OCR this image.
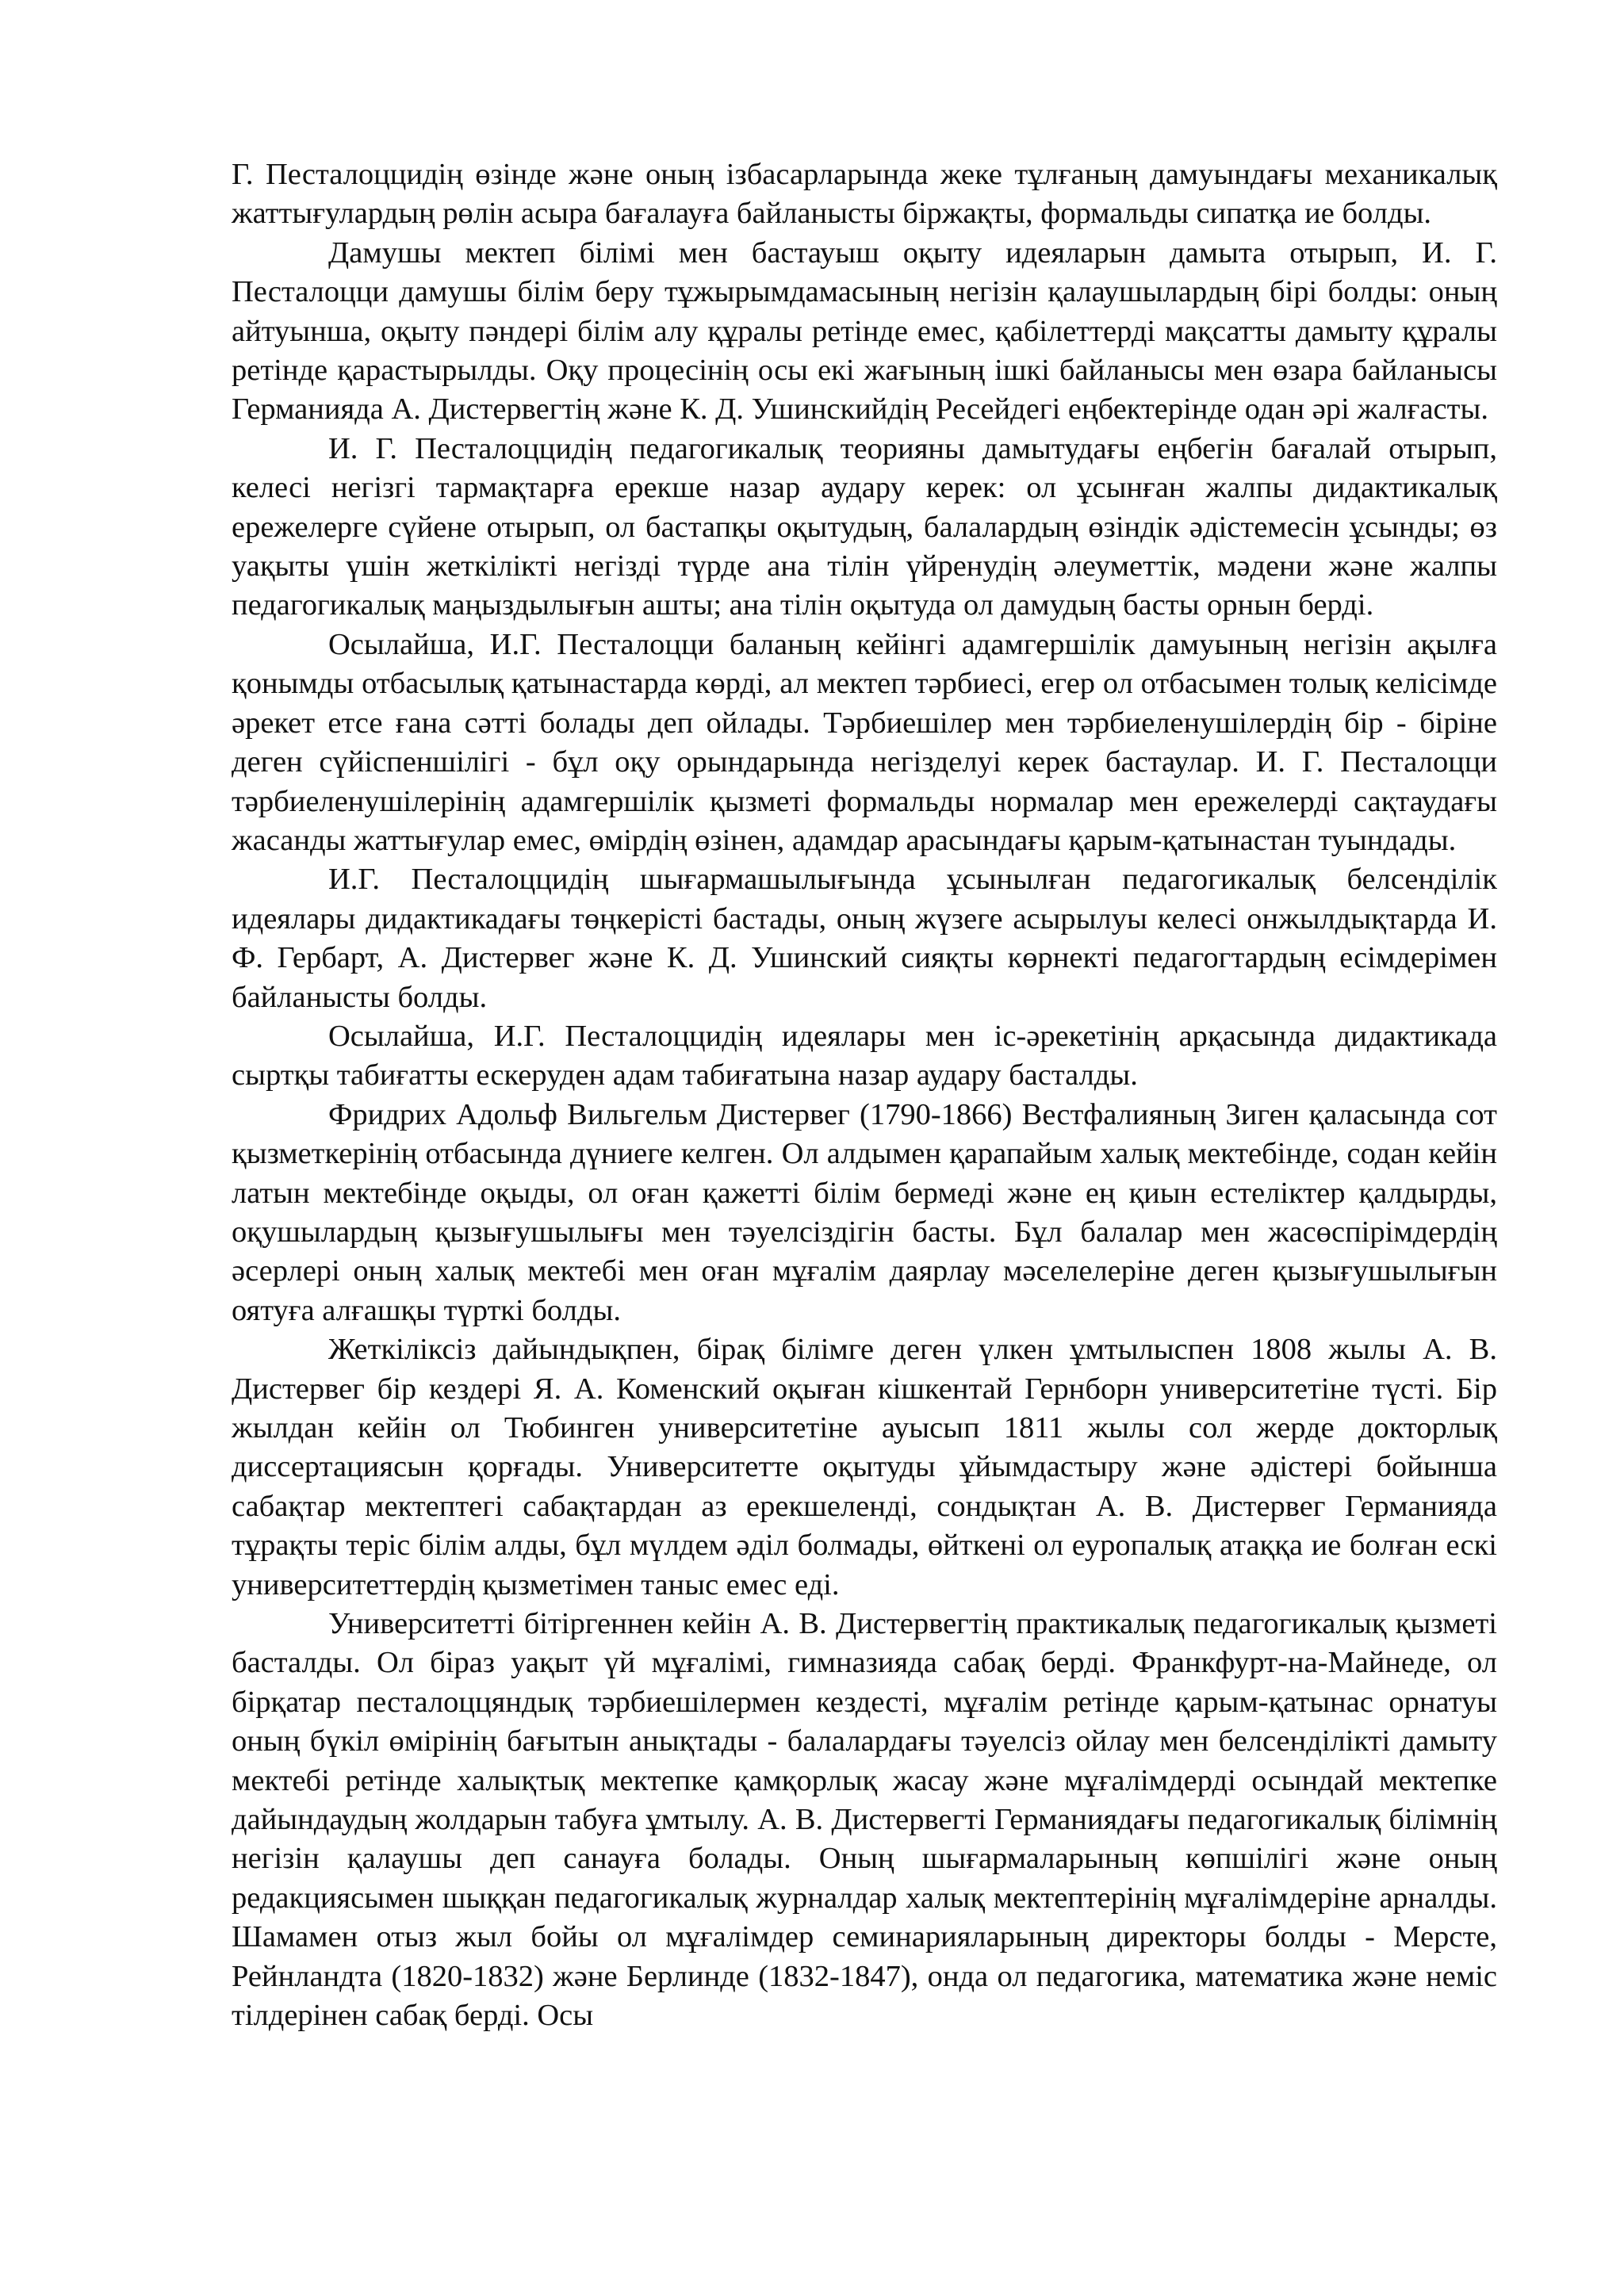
Г. Песталоццидің өзінде және оның ізбасарларында жеке тұлғаның дамуындағы механикалық жаттығулардың рөлін асыра бағалауға байланысты біржақты, формальды сипатқа ие болды.

Дамушы мектеп білімі мен бастауыш оқыту идеяларын дамыта отырып, И. Г. Песталоцци дамушы білім беру тұжырымдамасының негізін қалаушылардың бірі болды: оның айтуынша, оқыту пәндері білім алу құралы ретінде емес, қабілеттерді мақсатты дамыту құралы ретінде қарастырылды. Оқу процесінің осы екі жағының ішкі байланысы мен өзара байланысы Германияда А. Дистервегтің және К. Д. Ушинскийдің Ресейдегі еңбектерінде одан әрі жалғасты.

И. Г. Песталоццидің педагогикалық теорияны дамытудағы еңбегін бағалай отырып, келесі негізгі тармақтарға ерекше назар аудару керек: ол ұсынған жалпы дидактикалық ережелерге сүйене отырып, ол бастапқы оқытудың, балалардың өзіндік әдістемесін ұсынды; өз уақыты үшін жеткілікті негізді түрде ана тілін үйренудің әлеуметтік, мәдени және жалпы педагогикалық маңыздылығын ашты; ана тілін оқытуда ол дамудың басты орнын берді.

Осылайша, И.Г. Песталоцци баланың кейінгі адамгершілік дамуының негізін ақылға қонымды отбасылық қатынастарда көрді, ал мектеп тәрбиесі, егер ол отбасымен толық келісімде әрекет етсе ғана сәтті болады деп ойлады. Тәрбиешілер мен тәрбиеленушілердің бір - біріне деген сүйіспеншілігі - бұл оқу орындарында негізделуі керек бастаулар. И. Г. Песталоцци тәрбиеленушілерінің адамгершілік қызметі формальды нормалар мен ережелерді сақтаудағы жасанды жаттығулар емес, өмірдің өзінен, адамдар арасындағы қарым-қатынастан туындады.

И.Г. Песталоццидің шығармашылығында ұсынылған педагогикалық белсенділік идеялары дидактикадағы төңкерісті бастады, оның жүзеге асырылуы келесі онжылдықтарда И. Ф. Гербарт, А. Дистервег және К. Д. Ушинский сияқты көрнекті педагогтардың есімдерімен байланысты болды.

Осылайша, И.Г. Песталоццидің идеялары мен іс-әрекетінің арқасында дидактикада сыртқы табиғатты ескеруден адам табиғатына назар аудару басталды.

Фридрих Адольф Вильгельм Дистервег (1790-1866) Вестфалияның Зиген қаласында сот қызметкерінің отбасында дүниеге келген. Ол алдымен қарапайым халық мектебінде, содан кейін латын мектебінде оқыды, ол оған қажетті білім бермеді және ең қиын естеліктер қалдырды, оқушылардың қызығушылығы мен тәуелсіздігін басты. Бұл балалар мен жасөспірімдердің әсерлері оның халық мектебі мен оған мұғалім даярлау мәселелеріне деген қызығушылығын оятуға алғашқы түрткі болды.

Жеткіліксіз дайындықпен, бірақ білімге деген үлкен ұмтылыспен 1808 жылы А. В. Дистервег бір кездері Я. А. Коменский оқыған кішкентай Гернборн университетіне түсті. Бір жылдан кейін ол Тюбинген университетіне ауысып 1811 жылы сол жерде докторлық диссертациясын қорғады. Университетте оқытуды ұйымдастыру және әдістері бойынша сабақтар мектептегі сабақтардан аз ерекшеленді, сондықтан А. В. Дистервег Германияда тұрақты теріс білім алды, бұл мүлдем әділ болмады, өйткені ол еуропалық атаққа ие болған ескі университеттердің қызметімен таныс емес еді.

Университетті бітіргеннен кейін А. В. Дистервегтің практикалық педагогикалық қызметі басталды. Ол біраз уақыт үй мұғалімі, гимназияда сабақ берді. Франкфурт-на-Майнеде, ол бірқатар песталоццяндық тәрбиешілермен кездесті, мұғалім ретінде қарым-қатынас орнатуы оның бүкіл өмірінің бағытын анықтады - балалардағы тәуелсіз ойлау мен белсенділікті дамыту мектебі ретінде халықтық мектепке қамқорлық жасау және мұғалімдерді осындай мектепке дайындаудың жолдарын табуға ұмтылу. А. В. Дистервегті Германиядағы педагогикалық білімнің негізін қалаушы деп санауға болады. Оның шығармаларының көпшілігі және оның редакциясымен шыққан педагогикалық журналдар халық мектептерінің мұғалімдеріне арналды. Шамамен отыз жыл бойы ол мұғалімдер семинарияларының директоры болды - Мерсте, Рейнландта (1820-1832) және Берлинде (1832-1847), онда ол педагогика, математика және неміс тілдерінен сабақ берді. Осы
